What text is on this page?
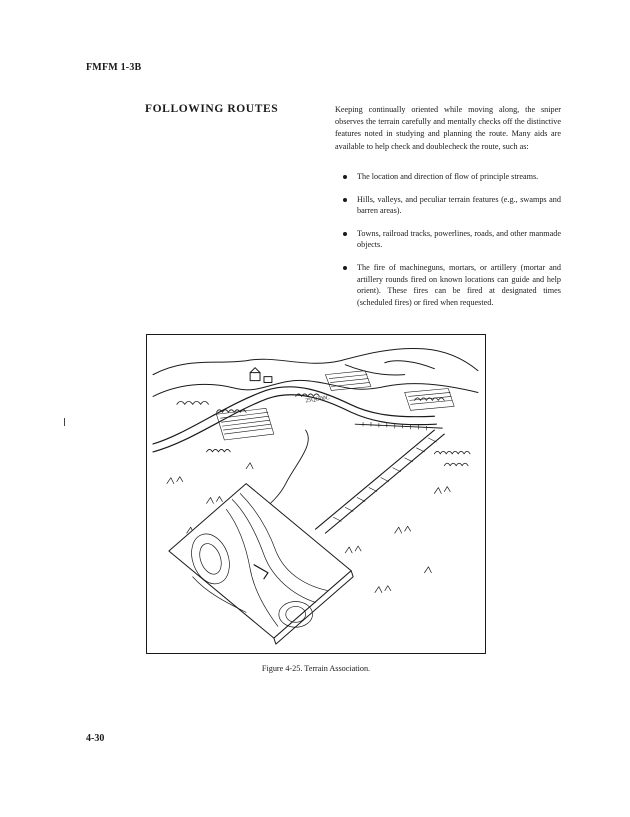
FMFM 1-3B
FOLLOWING ROUTES	Keeping continually oriented while moving along, the sniper observes the terrain carefully and mentally checks off the distinctive features noted in studying and planning the route. Many aids are available to help check and doublecheck the route, such as:
The location and direction of flow of principle streams.
Hills, valleys, and peculiar terrain features (e.g., swamps and barren areas).
Towns, railroad tracks, powerlines, roads, and other manmade objects.
The fire of machineguns, mortars, or artillery (mortar and artillery rounds fired on known locations can guide and help orient). These fires can be fired at designated times (scheduled fires) or fired when requested.
25QO00C
Figure 4-25. Terrain Association.
4-30
